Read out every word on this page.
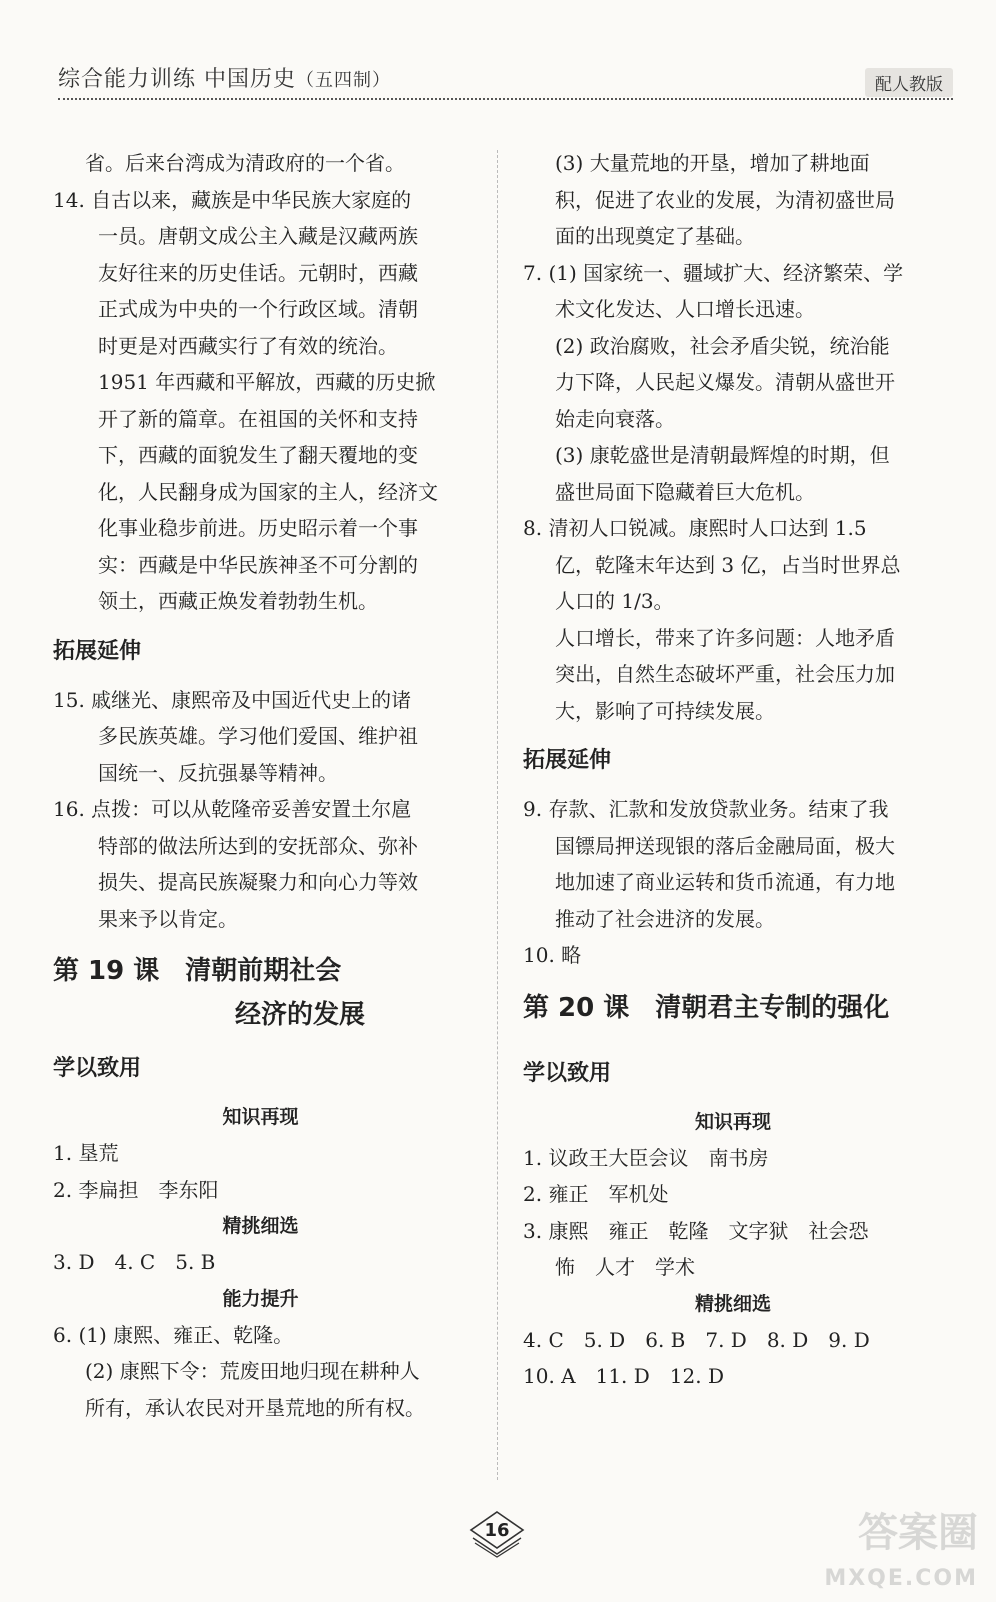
综合能力训练 中国历史（五四制）	配人教版
省。后来台湾成为清政府的一个省。
14. 自古以来，藏族是中华民族大家庭的
一员。唐朝文成公主入藏是汉藏两族
友好往来的历史佳话。元朝时，西藏
正式成为中央的一个行政区域。清朝
时更是对西藏实行了有效的统治。
1951 年西藏和平解放，西藏的历史掀
开了新的篇章。在祖国的关怀和支持
下，西藏的面貌发生了翻天覆地的变
化，人民翻身成为国家的主人，经济文
化事业稳步前进。历史昭示着一个事
实：西藏是中华民族神圣不可分割的
领土，西藏正焕发着勃勃生机。
拓展延伸
15. 戚继光、康熙帝及中国近代史上的诸
多民族英雄。学习他们爱国、维护祖
国统一、反抗强暴等精神。
16. 点拨：可以从乾隆帝妥善安置土尔扈
特部的做法所达到的安抚部众、弥补
损失、提高民族凝聚力和向心力等效
果来予以肯定。
第 19 课　清朝前期社会
经济的发展
学以致用
知识再现
1. 垦荒
2. 李扁担　李东阳
精挑细选
3. D　4. C　5. B
能力提升
6. (1) 康熙、雍正、乾隆。
(2) 康熙下令：荒废田地归现在耕种人
所有，承认农民对开垦荒地的所有权。
(3) 大量荒地的开垦，增加了耕地面
积，促进了农业的发展，为清初盛世局
面的出现奠定了基础。
7. (1) 国家统一、疆域扩大、经济繁荣、学
术文化发达、人口增长迅速。
(2) 政治腐败，社会矛盾尖锐，统治能
力下降，人民起义爆发。清朝从盛世开
始走向衰落。
(3) 康乾盛世是清朝最辉煌的时期，但
盛世局面下隐藏着巨大危机。
8. 清初人口锐减。康熙时人口达到 1.5
亿，乾隆末年达到 3 亿，占当时世界总
人口的 1/3。
人口增长，带来了许多问题：人地矛盾
突出，自然生态破坏严重，社会压力加
大，影响了可持续发展。
拓展延伸
9. 存款、汇款和发放贷款业务。结束了我
国镖局押送现银的落后金融局面，极大
地加速了商业运转和货币流通，有力地
推动了社会进济的发展。
10. 略
第 20 课　清朝君主专制的强化
学以致用
知识再现
1. 议政王大臣会议　南书房
2. 雍正　军机处
3. 康熙　雍正　乾隆　文字狱　社会恐
怖　人才　学术
精挑细选
4. C　5. D　6. B　7. D　8. D　9. D
10. A　11. D　12. D
16	答案圈
MXQE.COM
